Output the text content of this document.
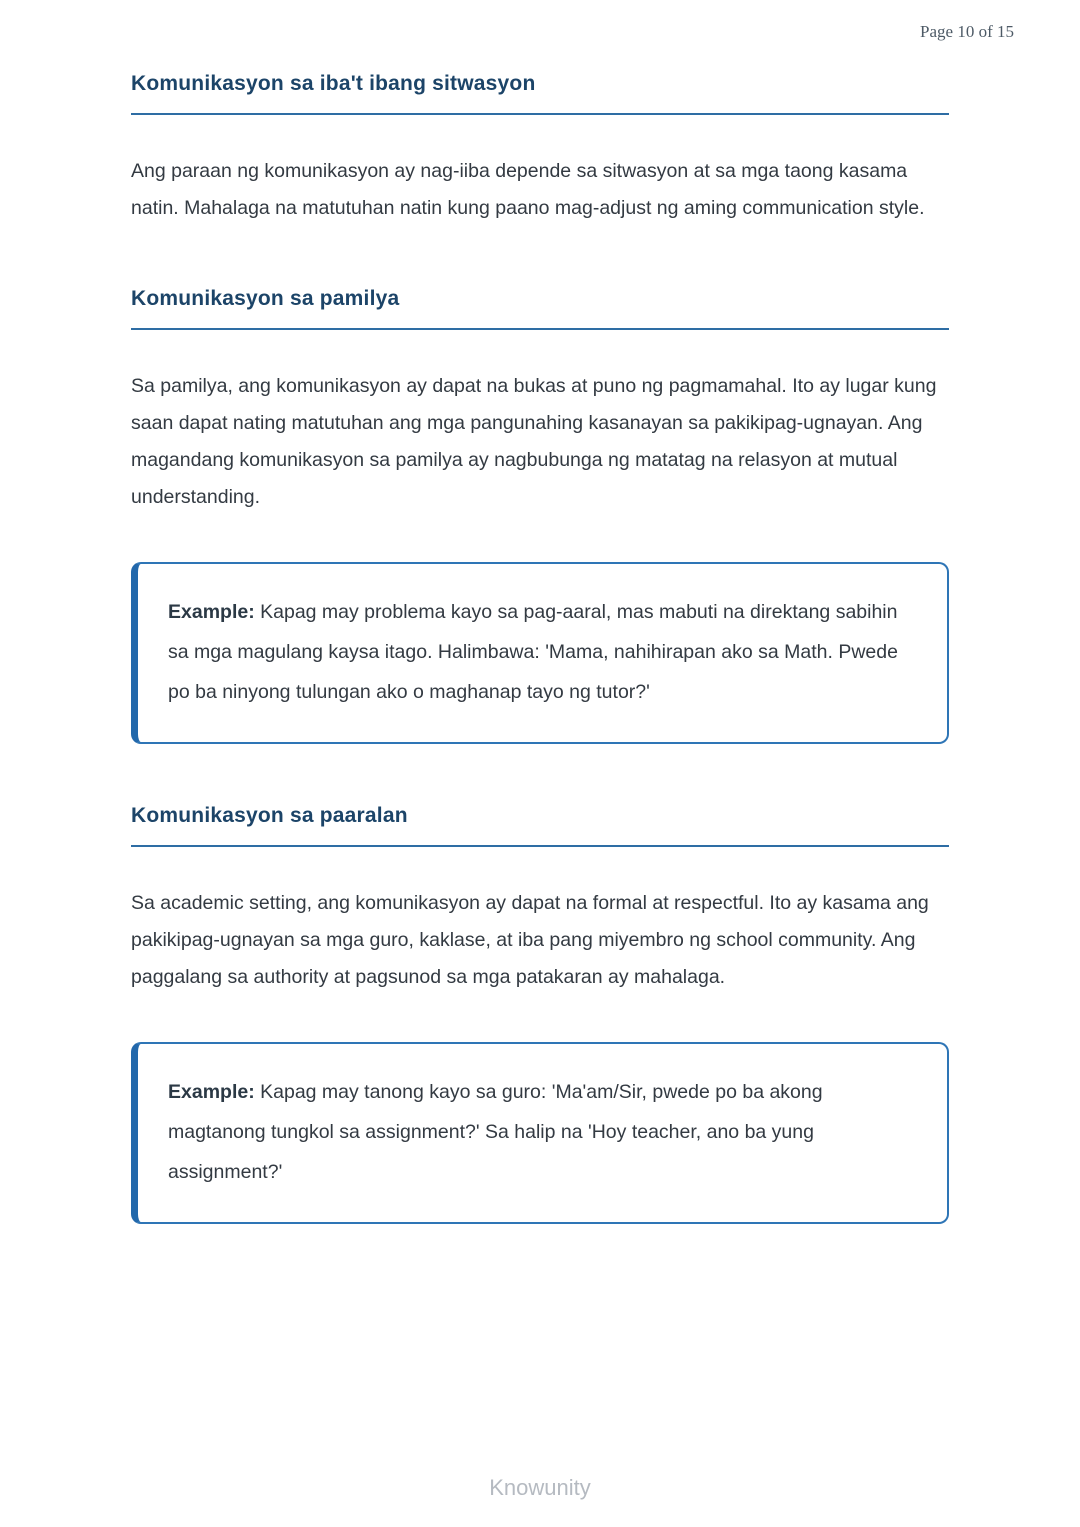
Page 10 of 15
Komunikasyon sa iba't ibang sitwasyon

Ang paraan ng komunikasyon ay nag-iiba depende sa sitwasyon at sa mga taong kasama natin. Mahalaga na matutuhan natin kung paano mag-adjust ng aming communication style.

Komunikasyon sa pamilya

Sa pamilya, ang komunikasyon ay dapat na bukas at puno ng pagmamahal. Ito ay lugar kung saan dapat nating matutuhan ang mga pangunahing kasanayan sa pakikipag-ugnayan. Ang magandang komunikasyon sa pamilya ay nagbubunga ng matatag na relasyon at mutual understanding.

Example: Kapag may problema kayo sa pag-aaral, mas mabuti na direktang sabihin sa mga magulang kaysa itago. Halimbawa: 'Mama, nahihirapan ako sa Math. Pwede po ba ninyong tulungan ako o maghanap tayo ng tutor?'
Komunikasyon sa paaralan

Sa academic setting, ang komunikasyon ay dapat na formal at respectful. Ito ay kasama ang pakikipag-ugnayan sa mga guro, kaklase, at iba pang miyembro ng school community. Ang paggalang sa authority at pagsunod sa mga patakaran ay mahalaga.

Example: Kapag may tanong kayo sa guro: 'Ma'am/Sir, pwede po ba akong magtanong tungkol sa assignment?' Sa halip na 'Hoy teacher, ano ba yung assignment?'
Knowunity
